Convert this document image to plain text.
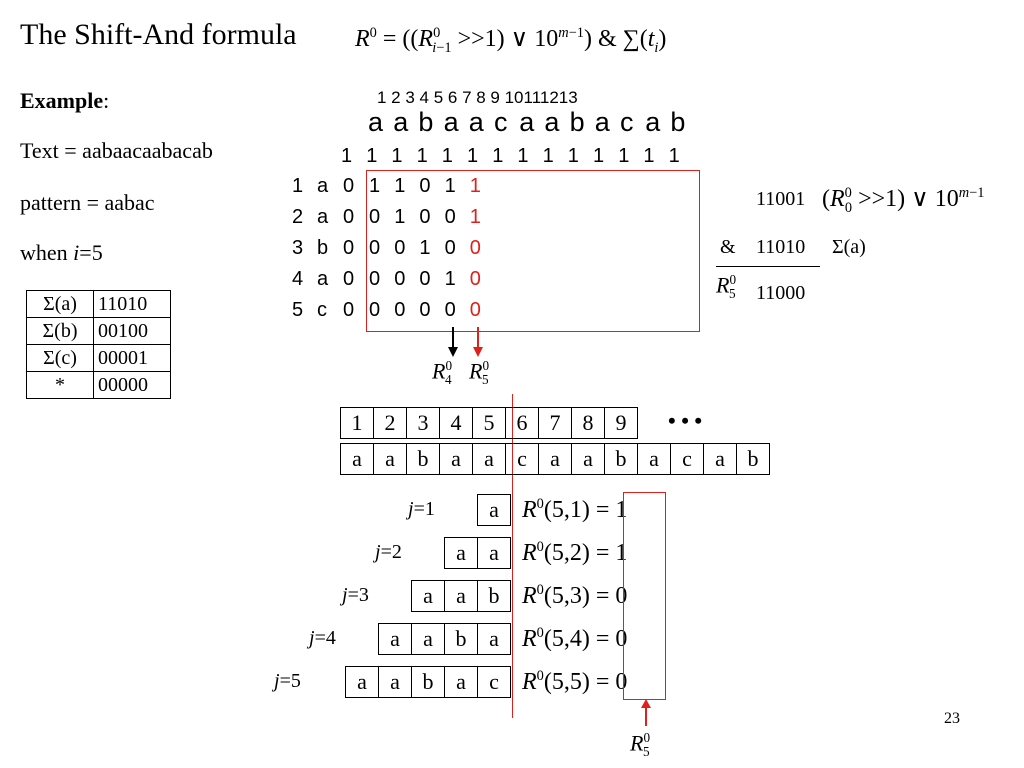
The Shift-And formula $R^0 = ((R^0_{i-1} >>1)$ ∨ $10^{m-1}$) & $\sum(t_i)$
Example:
Text = aabaacaabacab
pattern = aabac
when i=5
Σ(a)	11010
Σ(b)	00100
Σ(c)	00001
*	00000
1 2 3 4 5 6 7 8 9 10111213
a a b a a c a a b a c a b
1 1 1 1 1 1 1 1 1 1 1 1 1 1
1 a 0 1 1 0 1 1
2 a 0 0 1 0 0 1
3 b 0 0 0 1 0 0
4 a 0 0 0 0 1 0
5 c 0 0 0 0 0 0
$R^0_4$ $R^0_5$
11001 $(R^0_0 >>1)$ ∨ $10^{m-1}$
& 11010 Σ(a)
$R^0_5$ 11000
1	2	3	4	5	6	7	8	9 • • •
a	a	b	a	a	c	a	a	b	a	c	a	b
j=1	a $R^0(5,1) = 1$
j=2	a	a $R^0(5,2) = 1$
j=3	a	a	b $R^0(5,3) = 0$
j=4	a	a	b	a $R^0(5,4) = 0$
j=5	a	a	b	a	c $R^0(5,5) = 0$
$R^0_5$
23
